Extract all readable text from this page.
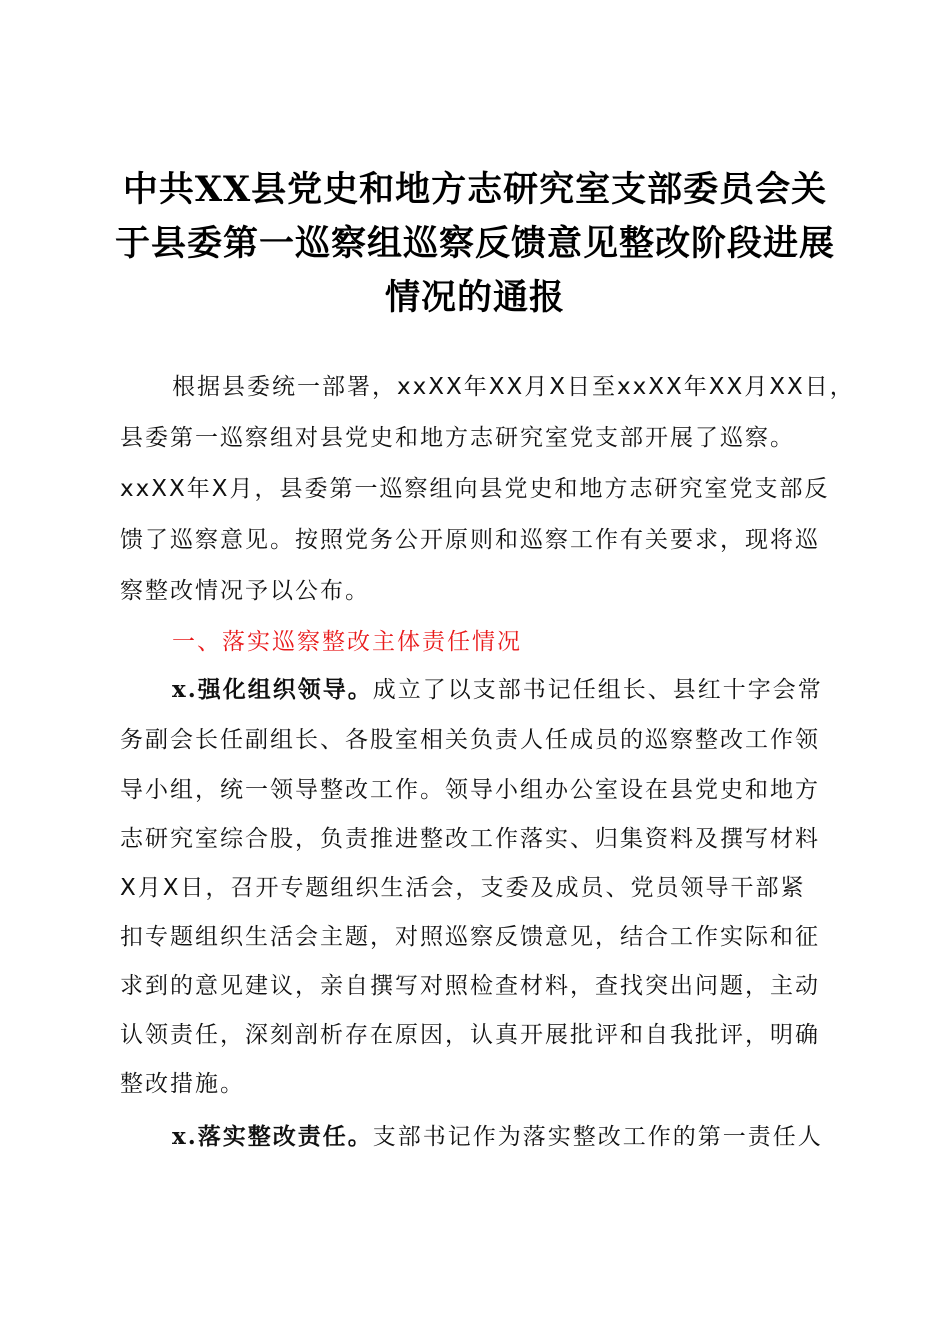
中共XX县党史和地方志研究室支部委员会关
于县委第一巡察组巡察反馈意见整改阶段进展
情况的通报
根据县委统一部署，xxXX年XX月X日至xxXX年XX月XX日，
县委第一巡察组对县党史和地方志研究室党支部开展了巡察。
xxXX年X月，县委第一巡察组向县党史和地方志研究室党支部反
馈了巡察意见。按照党务公开原则和巡察工作有关要求，现将巡
察整改情况予以公布。
一、落实巡察整改主体责任情况
x.强化组织领导。成立了以支部书记任组长、县红十字会常
务副会长任副组长、各股室相关负责人任成员的巡察整改工作领
导小组，统一领导整改工作。领导小组办公室设在县党史和地方
志研究室综合股，负责推进整改工作落实、归集资料及撰写材料
X月X日，召开专题组织生活会，支委及成员、党员领导干部紧
扣专题组织生活会主题，对照巡察反馈意见，结合工作实际和征
求到的意见建议，亲自撰写对照检查材料，查找突出问题，主动
认领责任，深刻剖析存在原因，认真开展批评和自我批评，明确
整改措施。
x.落实整改责任。支部书记作为落实整改工作的第一责任人
